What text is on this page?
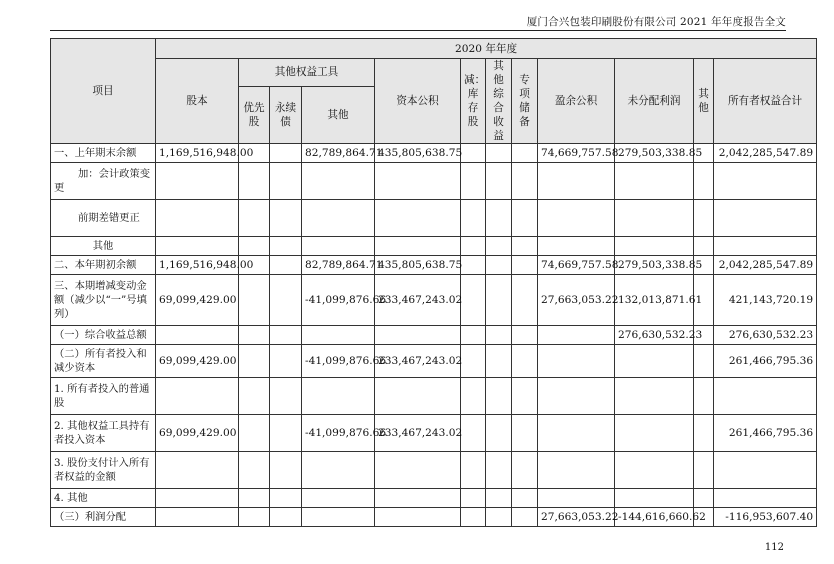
厦门合兴包装印刷股份有限公司 2021 年年度报告全文
项目	2020 年年度											
	股本	其他权益工具			资本公积	减：库存股	其他综合收益	专项储备	盈余公积	未分配利润	其他	所有者权益合计
		优先股	永续债	其他								
一、上年期末余额	1,169,516,948.00			82,789,864.71	435,805,638.75				74,669,757.58	279,503,338.85		2,042,285,547.89
加：会计政策变更												
前期差错更正												
其他												
二、本年期初余额	1,169,516,948.00			82,789,864.71	435,805,638.75				74,669,757.58	279,503,338.85		2,042,285,547.89
三、本期增减变动金额（减少以“一”号填列）	69,099,429.00			-41,099,876.66	233,467,243.02				27,663,053.22	132,013,871.61		421,143,720.19
（一）综合收益总额										276,630,532.23		276,630,532.23
（二）所有者投入和减少资本	69,099,429.00			-41,099,876.66	233,467,243.02							261,466,795.36
1. 所有者投入的普通股												
2. 其他权益工具持有者投入资本	69,099,429.00			-41,099,876.66	233,467,243.02							261,466,795.36
3. 股份支付计入所有者权益的金额												
4. 其他												
（三）利润分配									27,663,053.22	-144,616,660.62		-116,953,607.40
112
